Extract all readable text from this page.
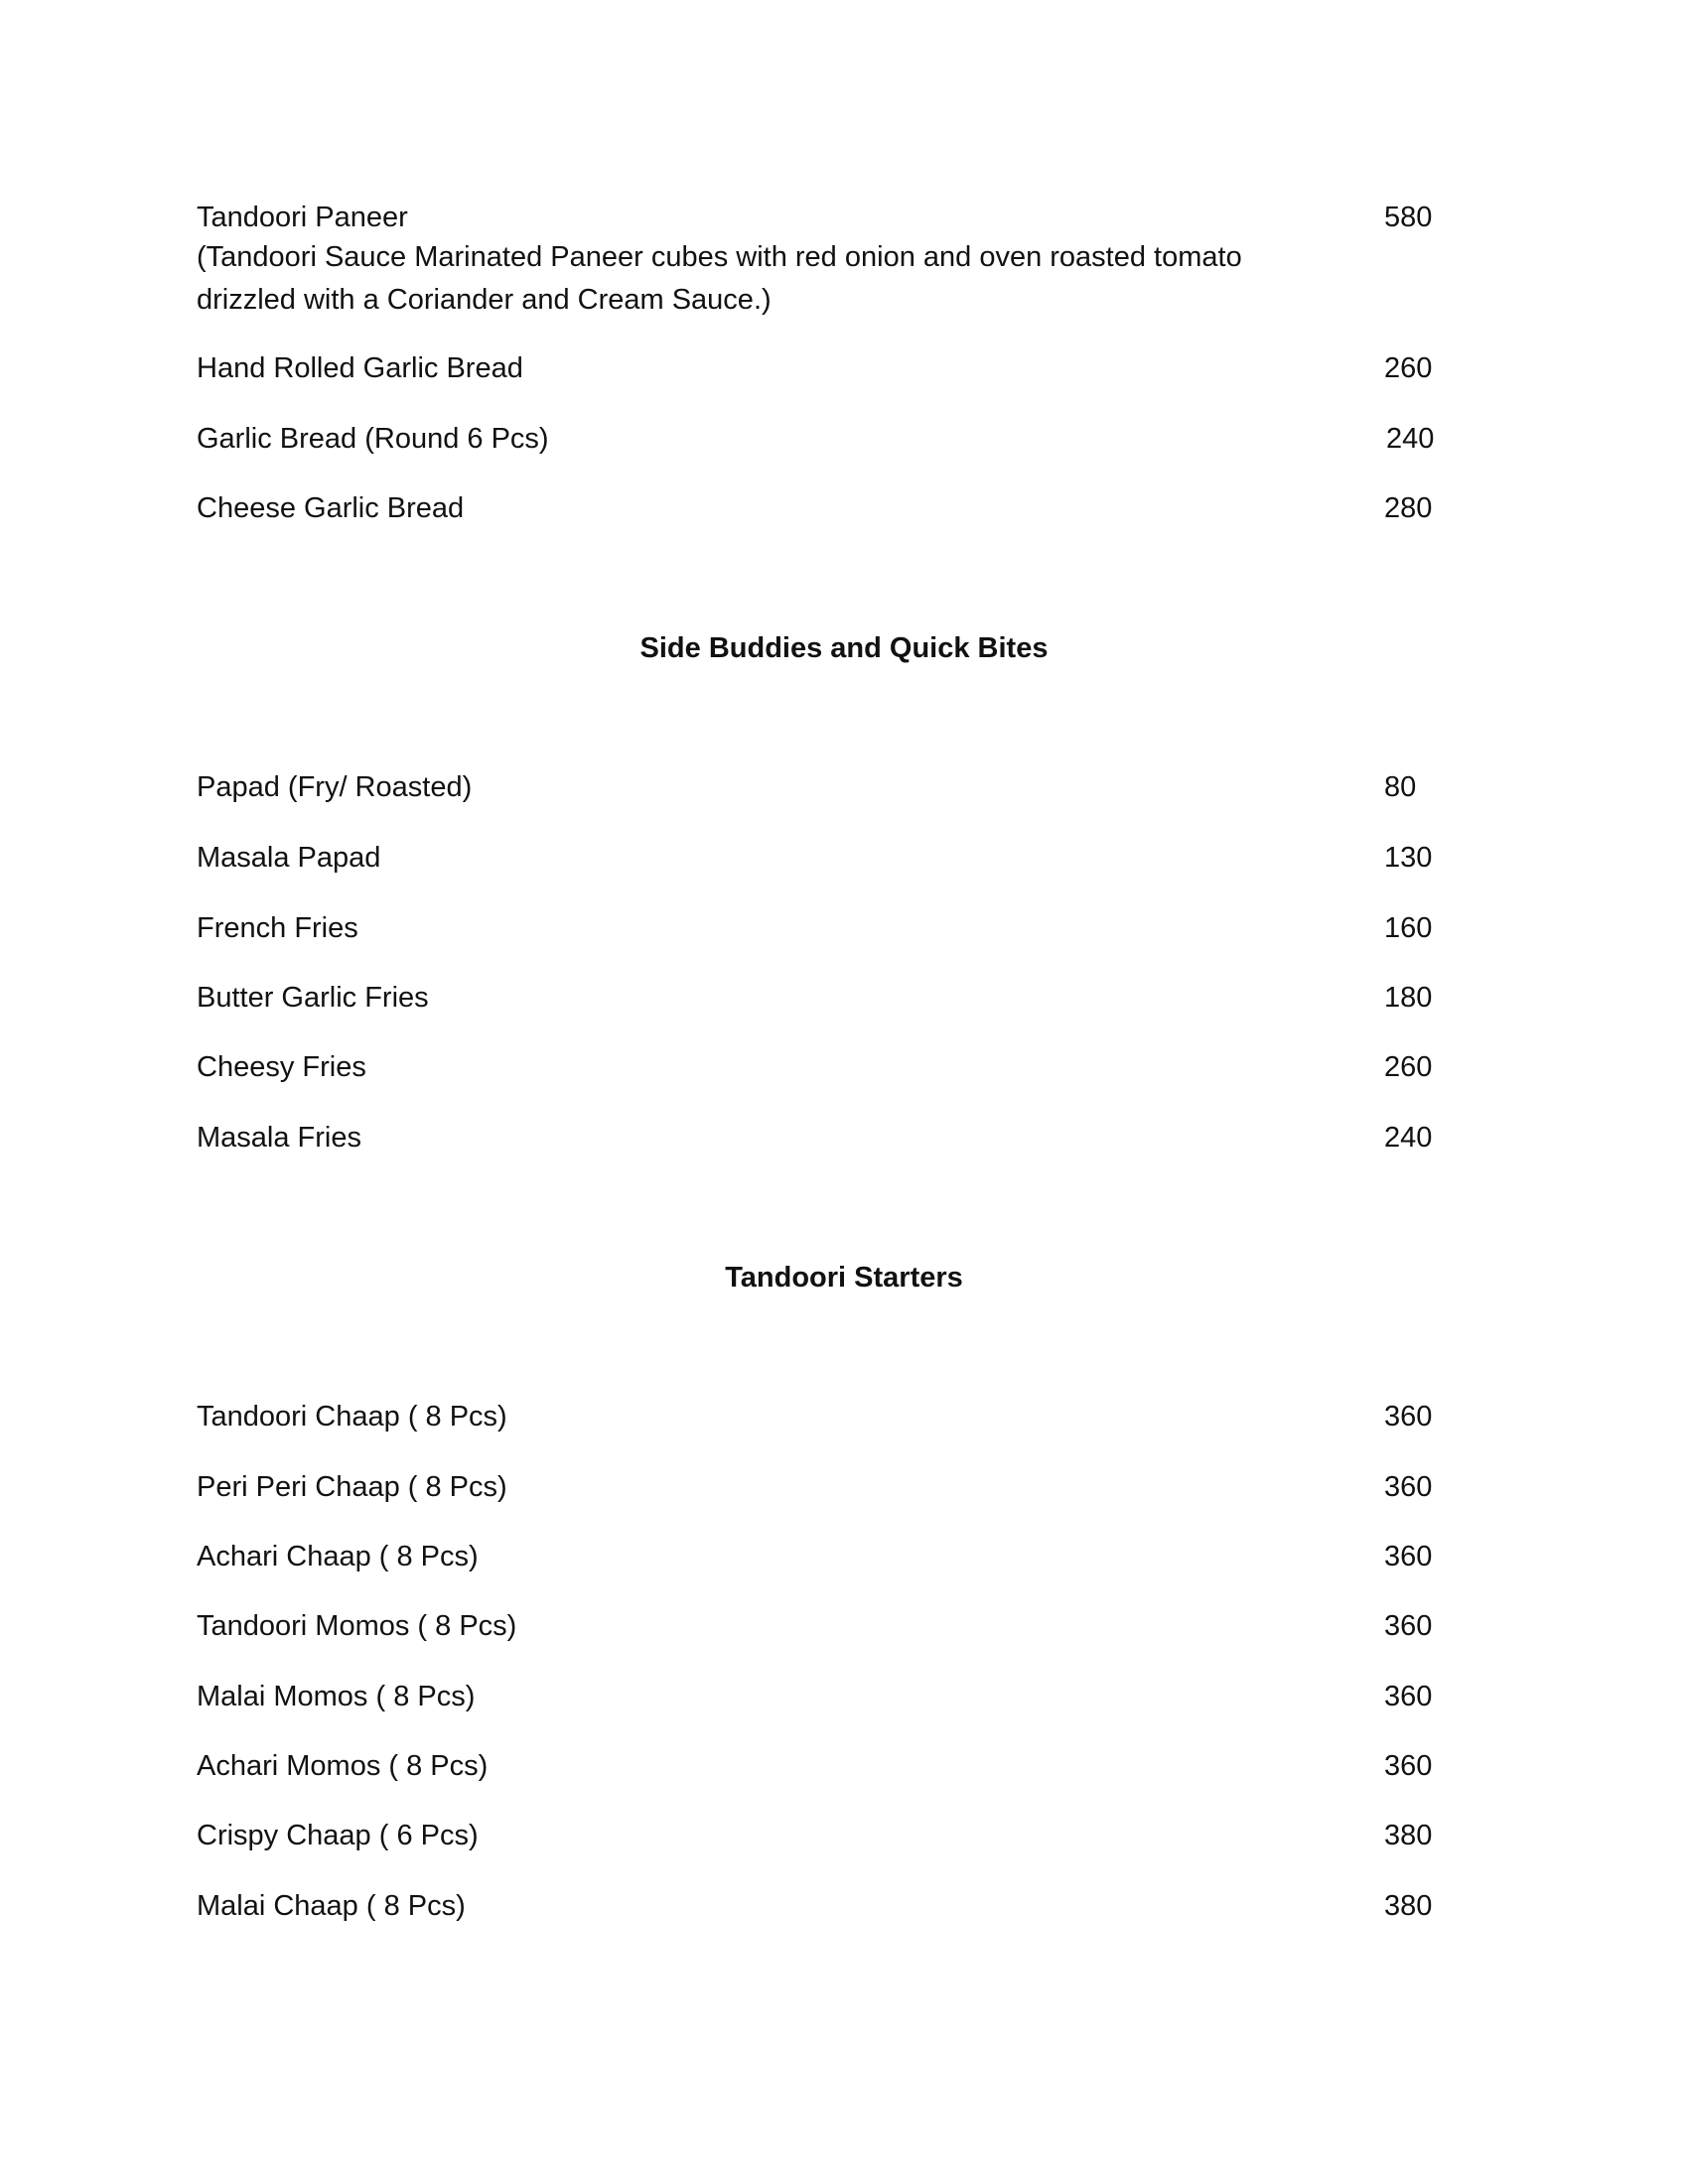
Tandoori Paneer	580
(Tandoori Sauce Marinated Paneer cubes with red onion and oven roasted tomato drizzled with a Coriander and Cream Sauce.)
Hand Rolled Garlic Bread	260
Garlic Bread (Round 6 Pcs)	240
Cheese Garlic Bread	280
Side Buddies and Quick Bites
Papad (Fry/ Roasted)	80
Masala Papad	130
French Fries	160
Butter Garlic Fries	180
Cheesy Fries	260
Masala Fries	240
Tandoori Starters
Tandoori Chaap ( 8 Pcs)	360
Peri Peri Chaap ( 8 Pcs)	360
Achari Chaap ( 8 Pcs)	360
Tandoori Momos ( 8 Pcs)	360
Malai Momos ( 8 Pcs)	360
Achari Momos ( 8 Pcs)	360
Crispy Chaap ( 6 Pcs)	380
Malai Chaap ( 8 Pcs)	380
